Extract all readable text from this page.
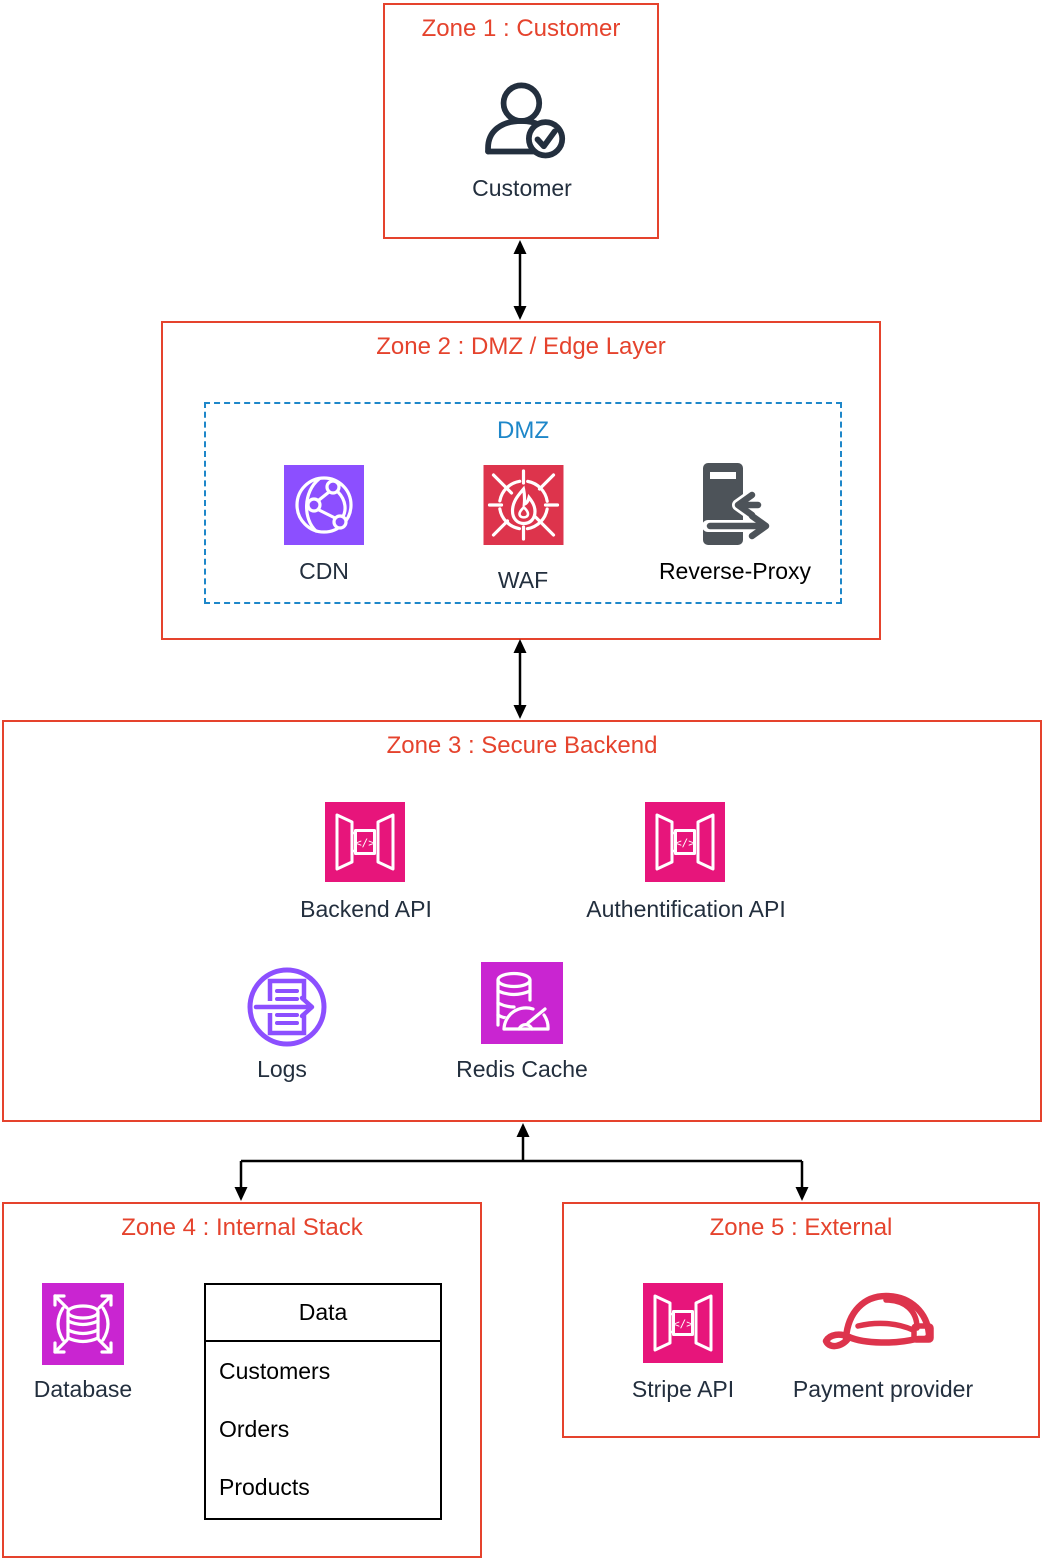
Zone 1 : Customer
Customer
Zone 2 : DMZ / Edge Layer
DMZ
CDN	WAF	Reverse-Proxy
Zone 3 : Secure Backend
</>
Backend API
</>
Authentification API
Logs	Redis Cache
Zone 4 : Internal Stack
Database
Data
Customers
Orders
Products
Zone 5 : External
</>
Stripe API	Payment provider
